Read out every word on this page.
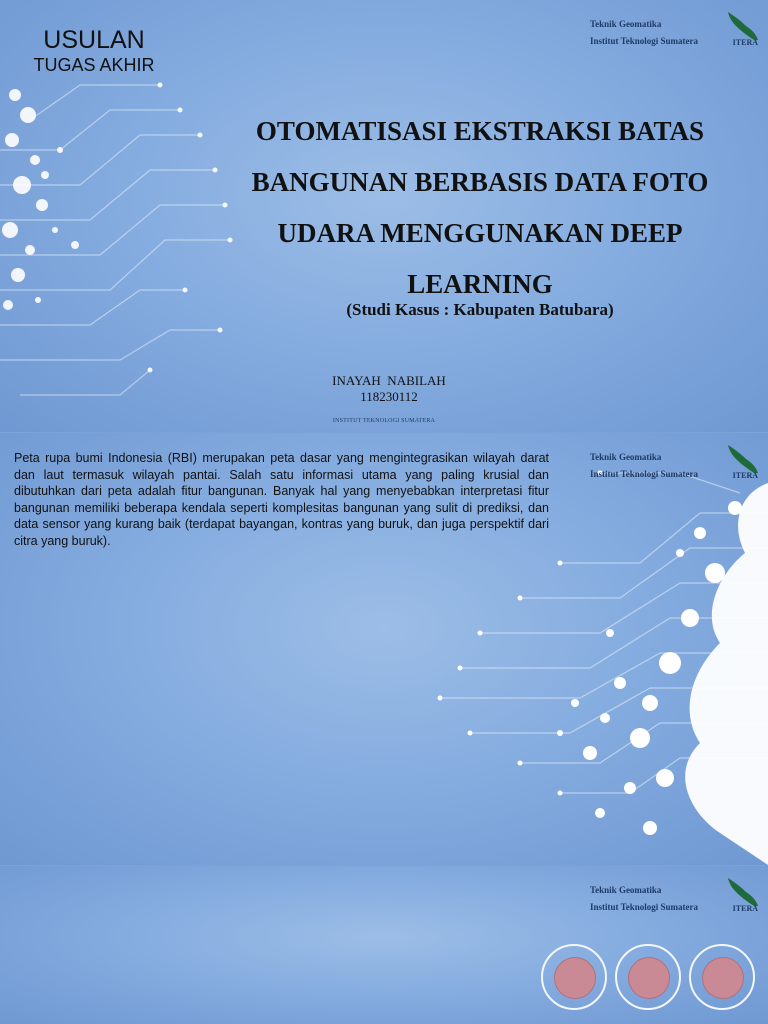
USULAN
TUGAS AKHIR
Teknik Geomatika
Institut Teknologi Sumatera	ITERA
OTOMATISASI EKSTRAKSI BATAS
BANGUNAN BERBASIS DATA FOTO
UDARA MENGGUNAKAN DEEP
LEARNING
(Studi Kasus : Kabupaten Batubara)
INAYAH  NABILAH
118230112
INSTITUT TEKNOLOGI SUMATERA
Teknik Geomatika
Institut Teknologi Sumatera	ITERA
Peta rupa bumi Indonesia (RBI) merupakan peta dasar yang mengintegrasikan wilayah darat dan laut termasuk wilayah pantai. Salah satu informasi utama yang paling krusial dan dibutuhkan dari peta adalah fitur bangunan. Banyak hal yang menyebabkan interpretasi fitur bangunan memiliki beberapa kendala seperti komplesitas bangunan yang sulit di prediksi, dan data sensor yang kurang baik (terdapat bayangan, kontras yang buruk, dan juga perspektif dari citra yang buruk).
Teknik Geomatika
Institut Teknologi Sumatera	ITERA
